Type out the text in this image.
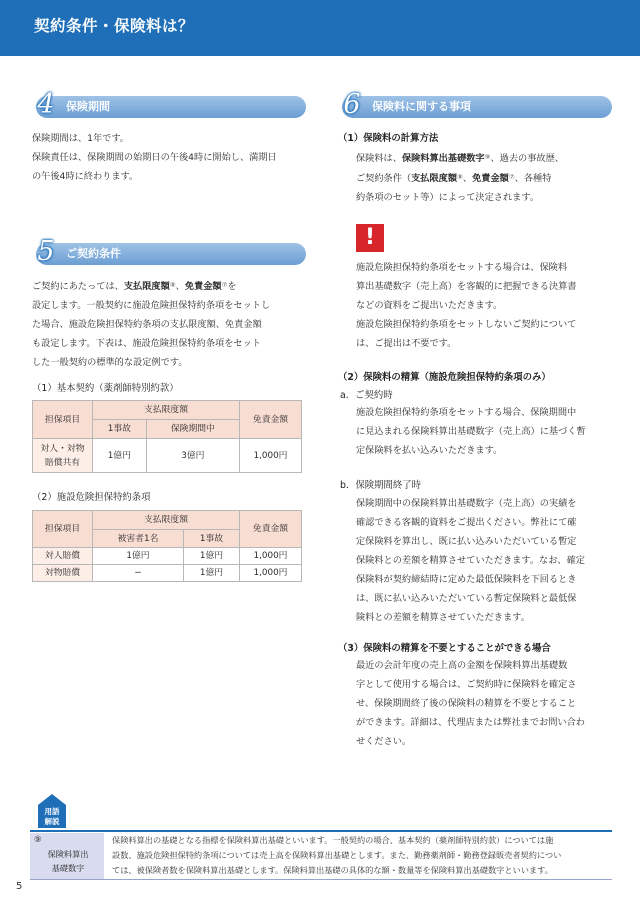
契約条件・保険料は？
4	保険期間
保険期間は、1年です。
保険責任は、保険期間の始期日の午後4時に開始し、満期日
の午後4時に終わります。
5	ご契約条件
ご契約にあたっては、支払限度額⑧、免責金額⑦を
設定します。一般契約に施設危険担保特約条項をセットし
た場合、施設危険担保特約条項の支払限度額、免責金額
も設定します。下表は、施設危険担保特約条項をセット
した一般契約の標準的な設定例です。
（1）基本契約（薬剤師特別約款）
担保項目	支払限度額		免責金額
	1事故	保険期間中	

対人・対物
賠償共有	1億円	3億円	1,000円
（2）施設危険担保特約条項
担保項目	支払限度額		免責金額
	被害者1名	1事故	
対人賠償	1億円	1億円	1,000円
対物賠償	−	1億円	1,000円
6	保険料に関する事項
（1）保険料の計算方法
保険料は、保険料算出基礎数字⑨、過去の事故歴、
ご契約条件（支払限度額⑧、免責金額⑦、各種特
約条項のセット等）によって決定されます。
!
施設危険担保特約条項をセットする場合は、保険料
算出基礎数字（売上高）を客観的に把握できる決算書
などの資料をご提出いただきます。
施設危険担保特約条項をセットしないご契約について
は、ご提出は不要です。
（2）保険料の精算（施設危険担保特約条項のみ）
a．ご契約時
施設危険担保特約条項をセットする場合、保険期間中
に見込まれる保険料算出基礎数字（売上高）に基づく暫
定保険料を払い込みいただきます。
b．保険期間終了時
保険期間中の保険料算出基礎数字（売上高）の実績を
確認できる客観的資料をご提出ください。弊社にて確
定保険料を算出し、既に払い込みいただいている暫定
保険料との差額を精算させていただきます。なお、確定
保険料が契約締結時に定めた最低保険料を下回るとき
は、既に払い込みいただいている暫定保険料と最低保
険料との差額を精算させていただきます。
（3）保険料の精算を不要とすることができる場合
最近の会計年度の売上高の金額を保険料算出基礎数
字として使用する場合は、ご契約時に保険料を確定さ
せ、保険期間終了後の保険料の精算を不要とすること
ができます。詳細は、代理店または弊社までお問い合わ
せください。
用語
解説
⑨
保険料算出
基礎数字
保険料算出の基礎となる指標を保険料算出基礎といいます。一般契約の場合、基本契約（薬剤師特別約款）については施
設数、施設危険担保特約条項については売上高を保険料算出基礎とします。また、勤務薬剤師・勤務登録販売者契約につい
ては、被保険者数を保険料算出基礎とします。保険料算出基礎の具体的な額・数量等を保険料算出基礎数字といいます。
5
